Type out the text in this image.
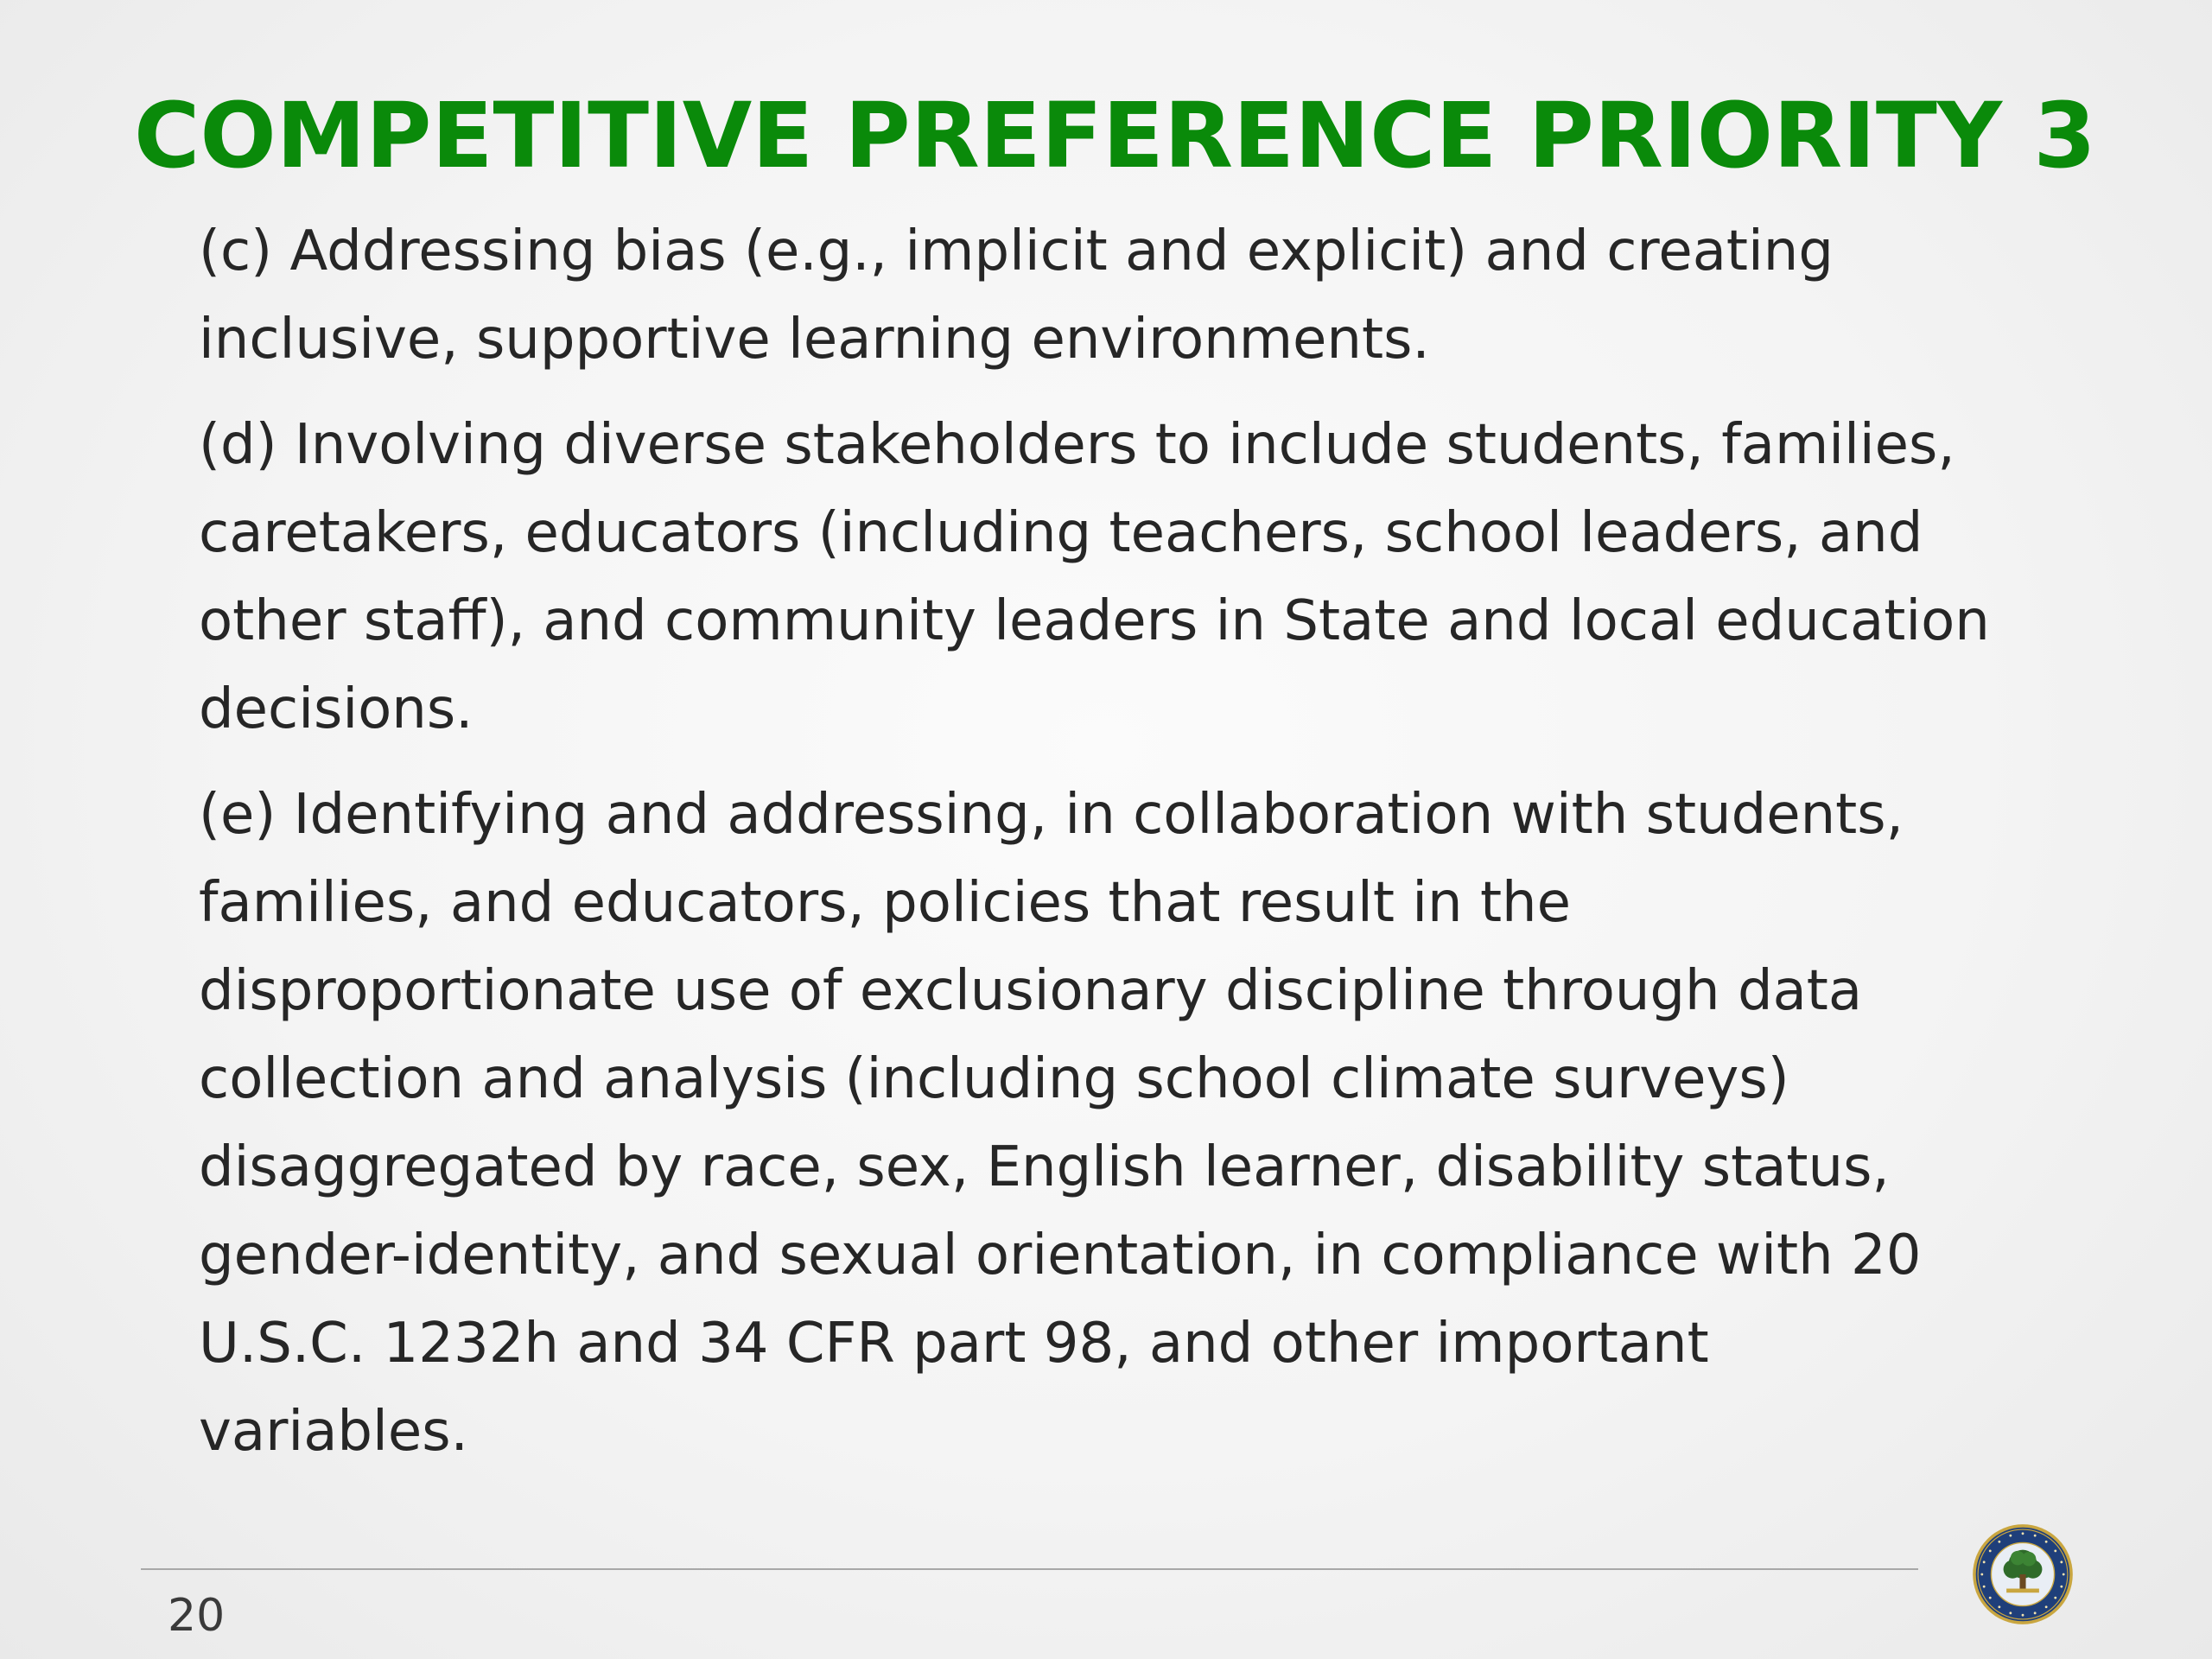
COMPETITIVE PREFERENCE PRIORITY 3

(c) Addressing bias (e.g., implicit and explicit) and creating
inclusive, supportive learning environments.

(d) Involving diverse stakeholders to include students, families,
caretakers, educators (including teachers, school leaders, and
other staff), and community leaders in State and local education
decisions.

(e) Identifying and addressing, in collaboration with students,
families, and educators, policies that result in the
disproportionate use of exclusionary discipline through data
collection and analysis (including school climate surveys)
disaggregated by race, sex, English learner, disability status,
gender-identity, and sexual orientation, in compliance with 20
U.S.C. 1232h and 34 CFR part 98, and other important
variables.

20
